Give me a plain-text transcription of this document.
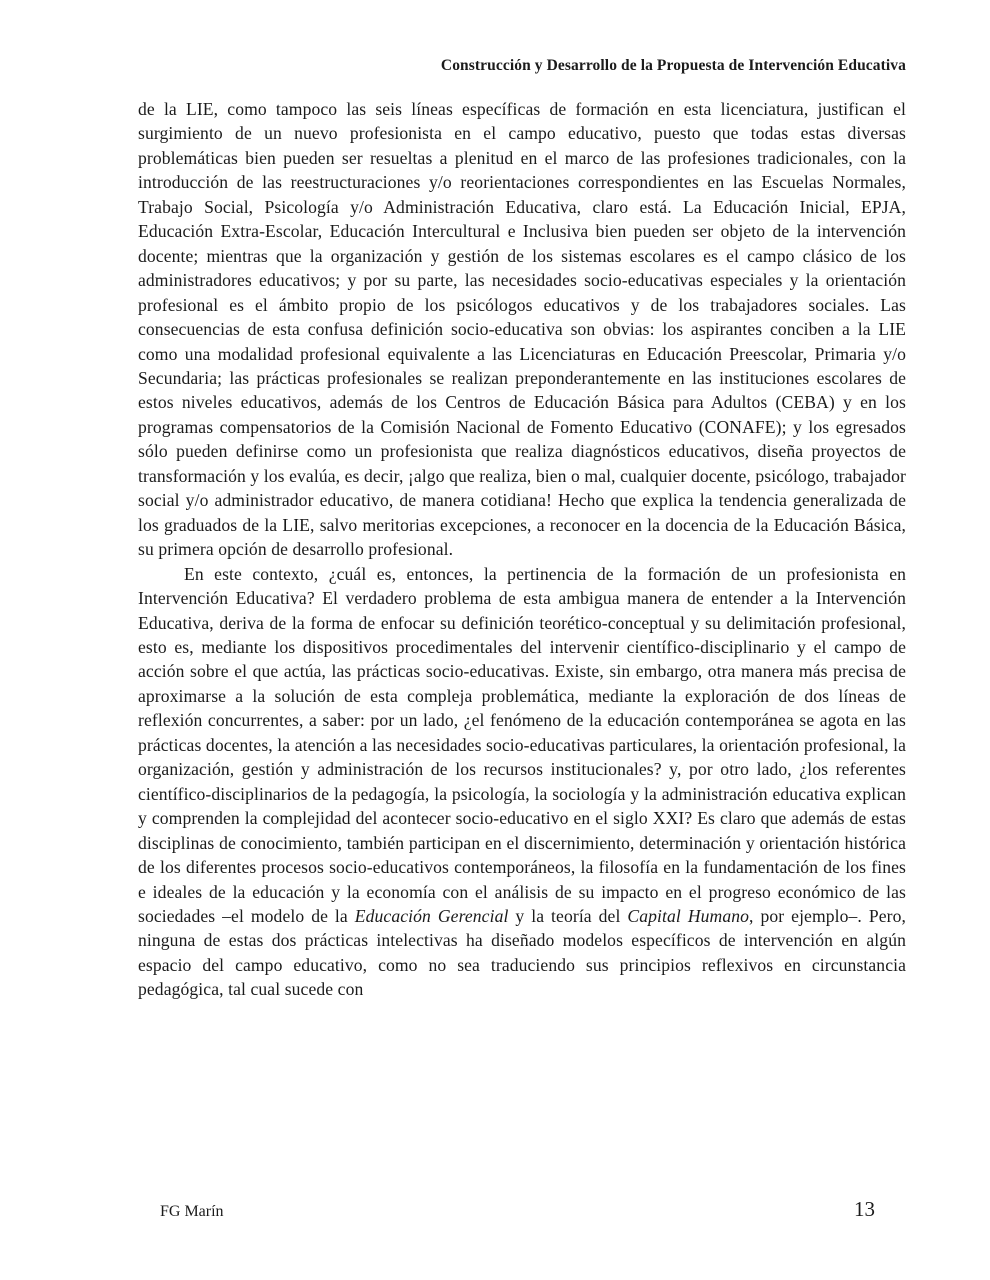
Construcción y Desarrollo de la Propuesta de Intervención Educativa

de la LIE, como tampoco las seis líneas específicas de formación en esta licenciatura, justifican el surgimiento de un nuevo profesionista en el campo educativo, puesto que todas estas diversas problemáticas bien pueden ser resueltas a plenitud en el marco de las profesiones tradicionales, con la introducción de las reestructuraciones y/o reorientaciones correspondientes en las Escuelas Normales, Trabajo Social, Psicología y/o Administración Educativa, claro está. La Educación Inicial, EPJA, Educación Extra-Escolar, Educación Intercultural e Inclusiva bien pueden ser objeto de la intervención docente; mientras que la organización y gestión de los sistemas escolares es el campo clásico de los administradores educativos; y por su parte, las necesidades socio-educativas especiales y la orientación profesional es el ámbito propio de los psicólogos educativos y de los trabajadores sociales. Las consecuencias de esta confusa definición socio-educativa son obvias: los aspirantes conciben a la LIE como una modalidad profesional equivalente a las Licenciaturas en Educación Preescolar, Primaria y/o Secundaria; las prácticas profesionales se realizan preponderantemente en las instituciones escolares de estos niveles educativos, además de los Centros de Educación Básica para Adultos (CEBA) y en los programas compensatorios de la Comisión Nacional de Fomento Educativo (CONAFE); y los egresados sólo pueden definirse como un profesionista que realiza diagnósticos educativos, diseña proyectos de transformación y los evalúa, es decir, ¡algo que realiza, bien o mal, cualquier docente, psicólogo, trabajador social y/o administrador educativo, de manera cotidiana! Hecho que explica la tendencia generalizada de los graduados de la LIE, salvo meritorias excepciones, a reconocer en la docencia de la Educación Básica, su primera opción de desarrollo profesional.

En este contexto, ¿cuál es, entonces, la pertinencia de la formación de un profesionista en Intervención Educativa? El verdadero problema de esta ambigua manera de entender a la Intervención Educativa, deriva de la forma de enfocar su definición teorético-conceptual y su delimitación profesional, esto es, mediante los dispositivos procedimentales del intervenir científico-disciplinario y el campo de acción sobre el que actúa, las prácticas socio-educativas. Existe, sin embargo, otra manera más precisa de aproximarse a la solución de esta compleja problemática, mediante la exploración de dos líneas de reflexión concurrentes, a saber: por un lado, ¿el fenómeno de la educación contemporánea se agota en las prácticas docentes, la atención a las necesidades socio-educativas particulares, la orientación profesional, la organización, gestión y administración de los recursos institucionales? y, por otro lado, ¿los referentes científico-disciplinarios de la pedagogía, la psicología, la sociología y la administración educativa explican y comprenden la complejidad del acontecer socio-educativo en el siglo XXI? Es claro que además de estas disciplinas de conocimiento, también participan en el discernimiento, determinación y orientación histórica de los diferentes procesos socio-educativos contemporáneos, la filosofía en la fundamentación de los fines e ideales de la educación y la economía con el análisis de su impacto en el progreso económico de las sociedades –el modelo de la Educación Gerencial y la teoría del Capital Humano, por ejemplo–. Pero, ninguna de estas dos prácticas intelectivas ha diseñado modelos específicos de intervención en algún espacio del campo educativo, como no sea traduciendo sus principios reflexivos en circunstancia pedagógica, tal cual sucede con

FG Marín	13
